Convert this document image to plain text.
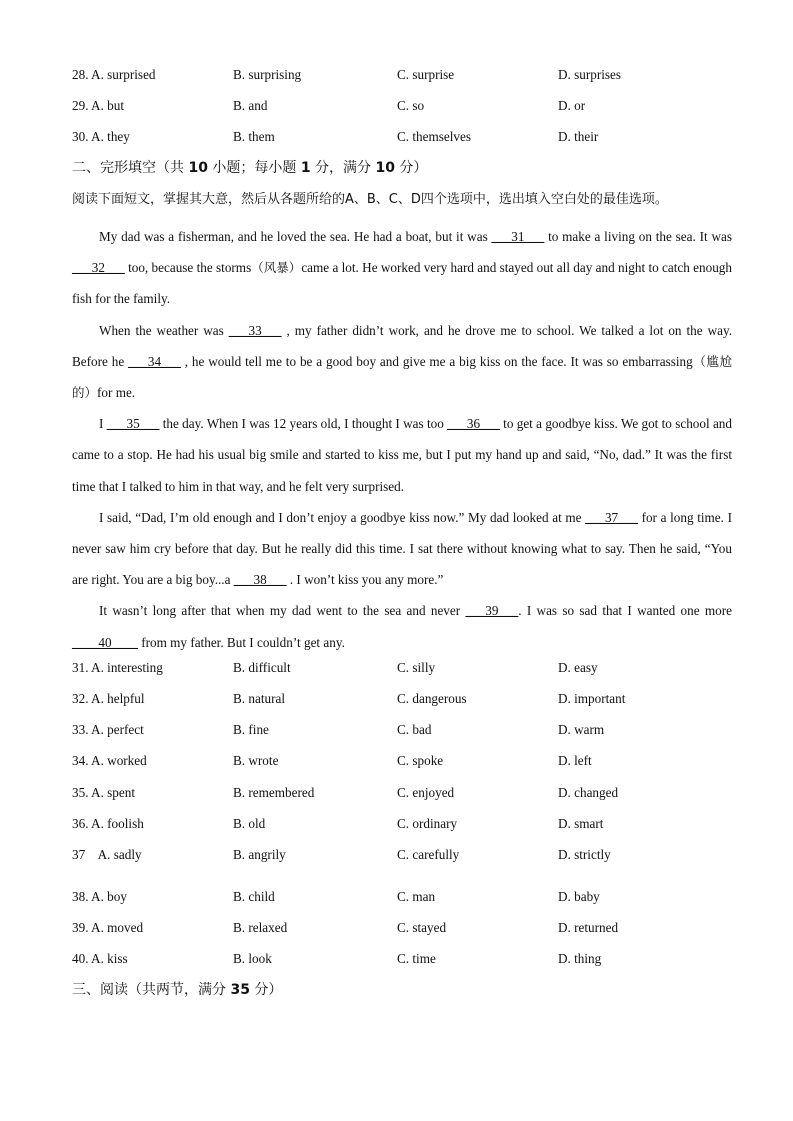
28. A. surprised	B. surprising	C. surprise	D. surprises
29. A. but	B. and	C. so	D. or
30. A. they	B. them	C. themselves	D. their
二、完形填空（共 10 小题；每小题 1 分，满分 10 分）
阅读下面短文，掌握其大意，然后从各题所给的A、B、C、D四个选项中，选出填入空白处的最佳选项。

My dad was a fisherman, and he loved the sea. He had a boat, but it was ___31___ to make a living on the sea. It was ___32___ too, because the storms（风暴）came a lot. He worked very hard and stayed out all day and night to catch enough fish for the family.

When the weather was ___33___ , my father didn’t work, and he drove me to school. We talked a lot on the way. Before he ___34___ , he would tell me to be a good boy and give me a big kiss on the face. It was so embarrassing（尴尬的）for me.

I ___35___ the day. When I was 12 years old, I thought I was too ___36___ to get a goodbye kiss. We got to school and came to a stop. He had his usual big smile and started to kiss me, but I put my hand up and said, “No, dad.” It was the first time that I talked to him in that way, and he felt very surprised.

I said, “Dad, I’m old enough and I don’t enjoy a goodbye kiss now.” My dad looked at me ___37___ for a long time. I never saw him cry before that day. But he really did this time. I sat there without knowing what to say. Then he said, “You are right. You are a big boy...a ___38___ . I won’t kiss you any more.”

It wasn’t long after that when my dad went to the sea and never ___39___. I was so sad that I wanted one more ____40____ from my father. But I couldn’t get any.

31. A. interesting	B. difficult	C. silly	D. easy
32. A. helpful	B. natural	C. dangerous	D. important
33. A. perfect	B. fine	C. bad	D. warm
34. A. worked	B. wrote	C. spoke	D. left
35. A. spent	B. remembered	C. enjoyed	D. changed
36. A. foolish	B. old	C. ordinary	D. smart
37    A. sadly	B. angrily	C. carefully	D. strictly
38. A. boy	B. child	C. man	D. baby
39. A. moved	B. relaxed	C. stayed	D. returned
40. A. kiss	B. look	C. time	D. thing
三、阅读（共两节，满分 35 分）
